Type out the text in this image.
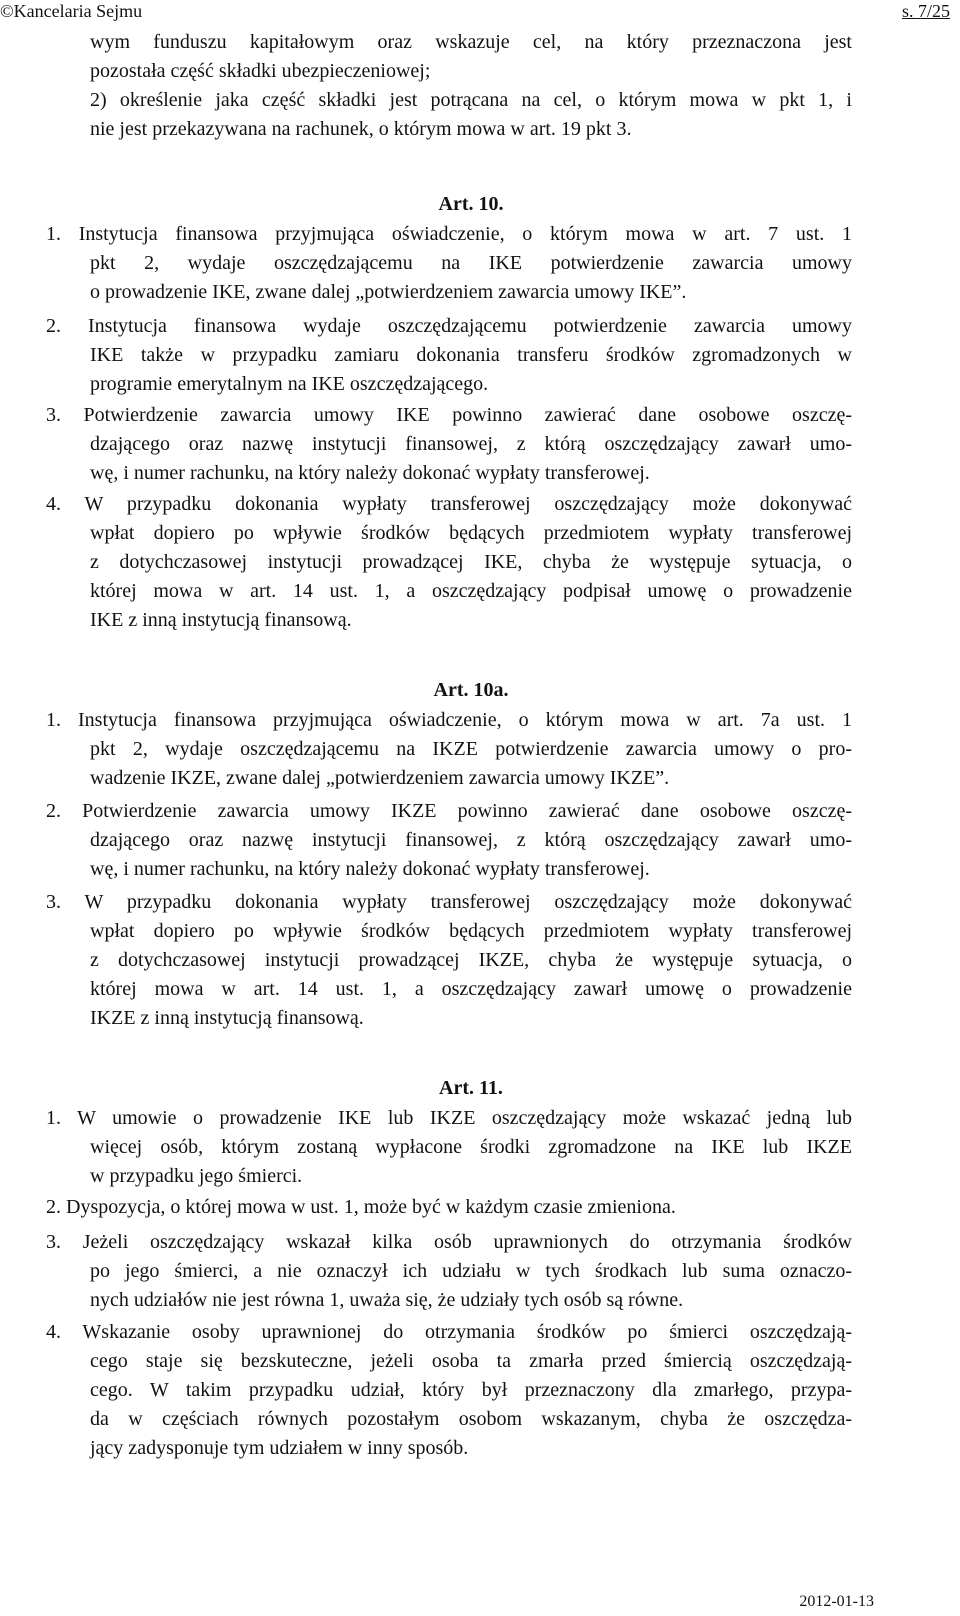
©Kancelaria Sejmu	s. 7/25
wym funduszu kapitałowym oraz wskazuje cel, na który przeznaczona jest
pozostała część składki ubezpieczeniowej;
2) określenie jaka część składki jest potrącana na cel, o którym mowa w pkt 1, i
nie jest przekazywana na rachunek, o którym mowa w art. 19 pkt 3.
Art. 10.
1. Instytucja finansowa przyjmująca oświadczenie, o którym mowa w art. 7 ust. 1
pkt 2, wydaje oszczędzającemu na IKE potwierdzenie zawarcia umowy
o prowadzenie IKE, zwane dalej „potwierdzeniem zawarcia umowy IKE”.
2. Instytucja finansowa wydaje oszczędzającemu potwierdzenie zawarcia umowy
IKE także w przypadku zamiaru dokonania transferu środków zgromadzonych w
programie emerytalnym na IKE oszczędzającego.
3. Potwierdzenie zawarcia umowy IKE powinno zawierać dane osobowe oszczę-
dzającego oraz nazwę instytucji finansowej, z którą oszczędzający zawarł umo-
wę, i numer rachunku, na który należy dokonać wypłaty transferowej.
4. W przypadku dokonania wypłaty transferowej oszczędzający może dokonywać
wpłat dopiero po wpływie środków będących przedmiotem wypłaty transferowej
z dotychczasowej instytucji prowadzącej IKE, chyba że występuje sytuacja, o
której mowa w art. 14 ust. 1, a oszczędzający podpisał umowę o prowadzenie
IKE z inną instytucją finansową.
Art. 10a.
1. Instytucja finansowa przyjmująca oświadczenie, o którym mowa w art. 7a ust. 1
pkt 2, wydaje oszczędzającemu na IKZE potwierdzenie zawarcia umowy o pro-
wadzenie IKZE, zwane dalej „potwierdzeniem zawarcia umowy IKZE”.
2. Potwierdzenie zawarcia umowy IKZE powinno zawierać dane osobowe oszczę-
dzającego oraz nazwę instytucji finansowej, z którą oszczędzający zawarł umo-
wę, i numer rachunku, na który należy dokonać wypłaty transferowej.
3. W przypadku dokonania wypłaty transferowej oszczędzający może dokonywać
wpłat dopiero po wpływie środków będących przedmiotem wypłaty transferowej
z dotychczasowej instytucji prowadzącej IKZE, chyba że występuje sytuacja, o
której mowa w art. 14 ust. 1, a oszczędzający zawarł umowę o prowadzenie
IKZE z inną instytucją finansową.
Art. 11.
1. W umowie o prowadzenie IKE lub IKZE oszczędzający może wskazać jedną lub
więcej osób, którym zostaną wypłacone środki zgromadzone na IKE lub IKZE
w przypadku jego śmierci.
2. Dyspozycja, o której mowa w ust. 1, może być w każdym czasie zmieniona.
3. Jeżeli oszczędzający wskazał kilka osób uprawnionych do otrzymania środków
po jego śmierci, a nie oznaczył ich udziału w tych środkach lub suma oznaczo-
nych udziałów nie jest równa 1, uważa się, że udziały tych osób są równe.
4. Wskazanie osoby uprawnionej do otrzymania środków po śmierci oszczędzają-
cego staje się bezskuteczne, jeżeli osoba ta zmarła przed śmiercią oszczędzają-
cego. W takim przypadku udział, który był przeznaczony dla zmarłego, przypa-
da w częściach równych pozostałym osobom wskazanym, chyba że oszczędza-
jący zadysponuje tym udziałem w inny sposób.
2012-01-13
